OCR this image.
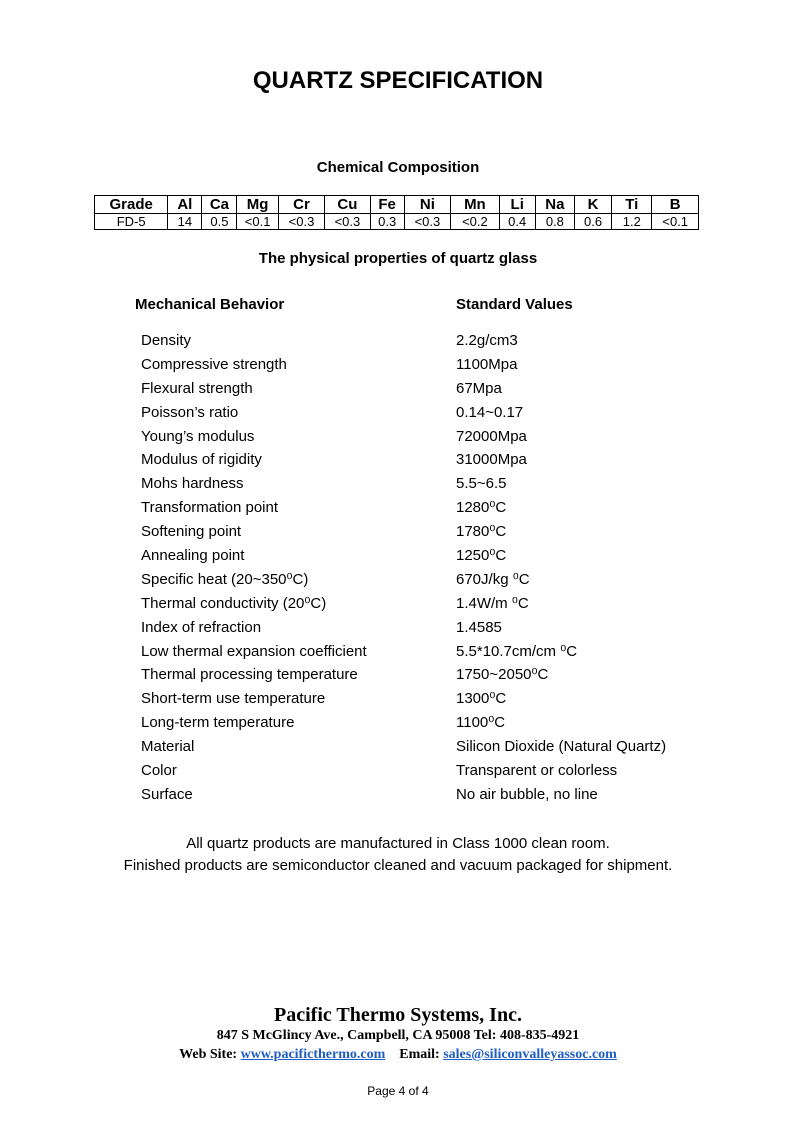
QUARTZ SPECIFICATION
Chemical Composition
Grade	Al	Ca	Mg	Cr	Cu	Fe	Ni	Mn	Li	Na	K	Ti	B
FD-5	14	0.5	<0.1	<0.3	<0.3	0.3	<0.3	<0.2	0.4	0.8	0.6	1.2	<0.1
The physical properties of quartz glass
Mechanical Behavior	Standard Values
Density	2.2g/cm3
Compressive strength	1100Mpa
Flexural strength	67Mpa
Poisson’s ratio	0.14~0.17
Young’s modulus	72000Mpa
Modulus of rigidity	31000Mpa
Mohs hardness	5.5~6.5
Transformation point	1280⁰C
Softening point	1780⁰C
Annealing point	1250⁰C
Specific heat (20~350⁰C)	670J/kg ⁰C
Thermal conductivity (20⁰C)	1.4W/m ⁰C
Index of refraction	1.4585
Low thermal expansion coefficient	5.5*10.7cm/cm ⁰C
Thermal processing temperature	1750~2050⁰C
Short-term use temperature	1300⁰C
Long-term temperature	1100⁰C
Material	Silicon Dioxide (Natural Quartz)
Color	Transparent or colorless
Surface	No air bubble, no line
All quartz products are manufactured in Class 1000 clean room.
Finished products are semiconductor cleaned and vacuum packaged for shipment.
Pacific Thermo Systems, Inc.
847 S McGlincy Ave., Campbell, CA 95008 Tel: 408-835-4921
Web Site: www.pacificthermo.com Email: sales@siliconvalleyassoc.com
Page 4 of 4
